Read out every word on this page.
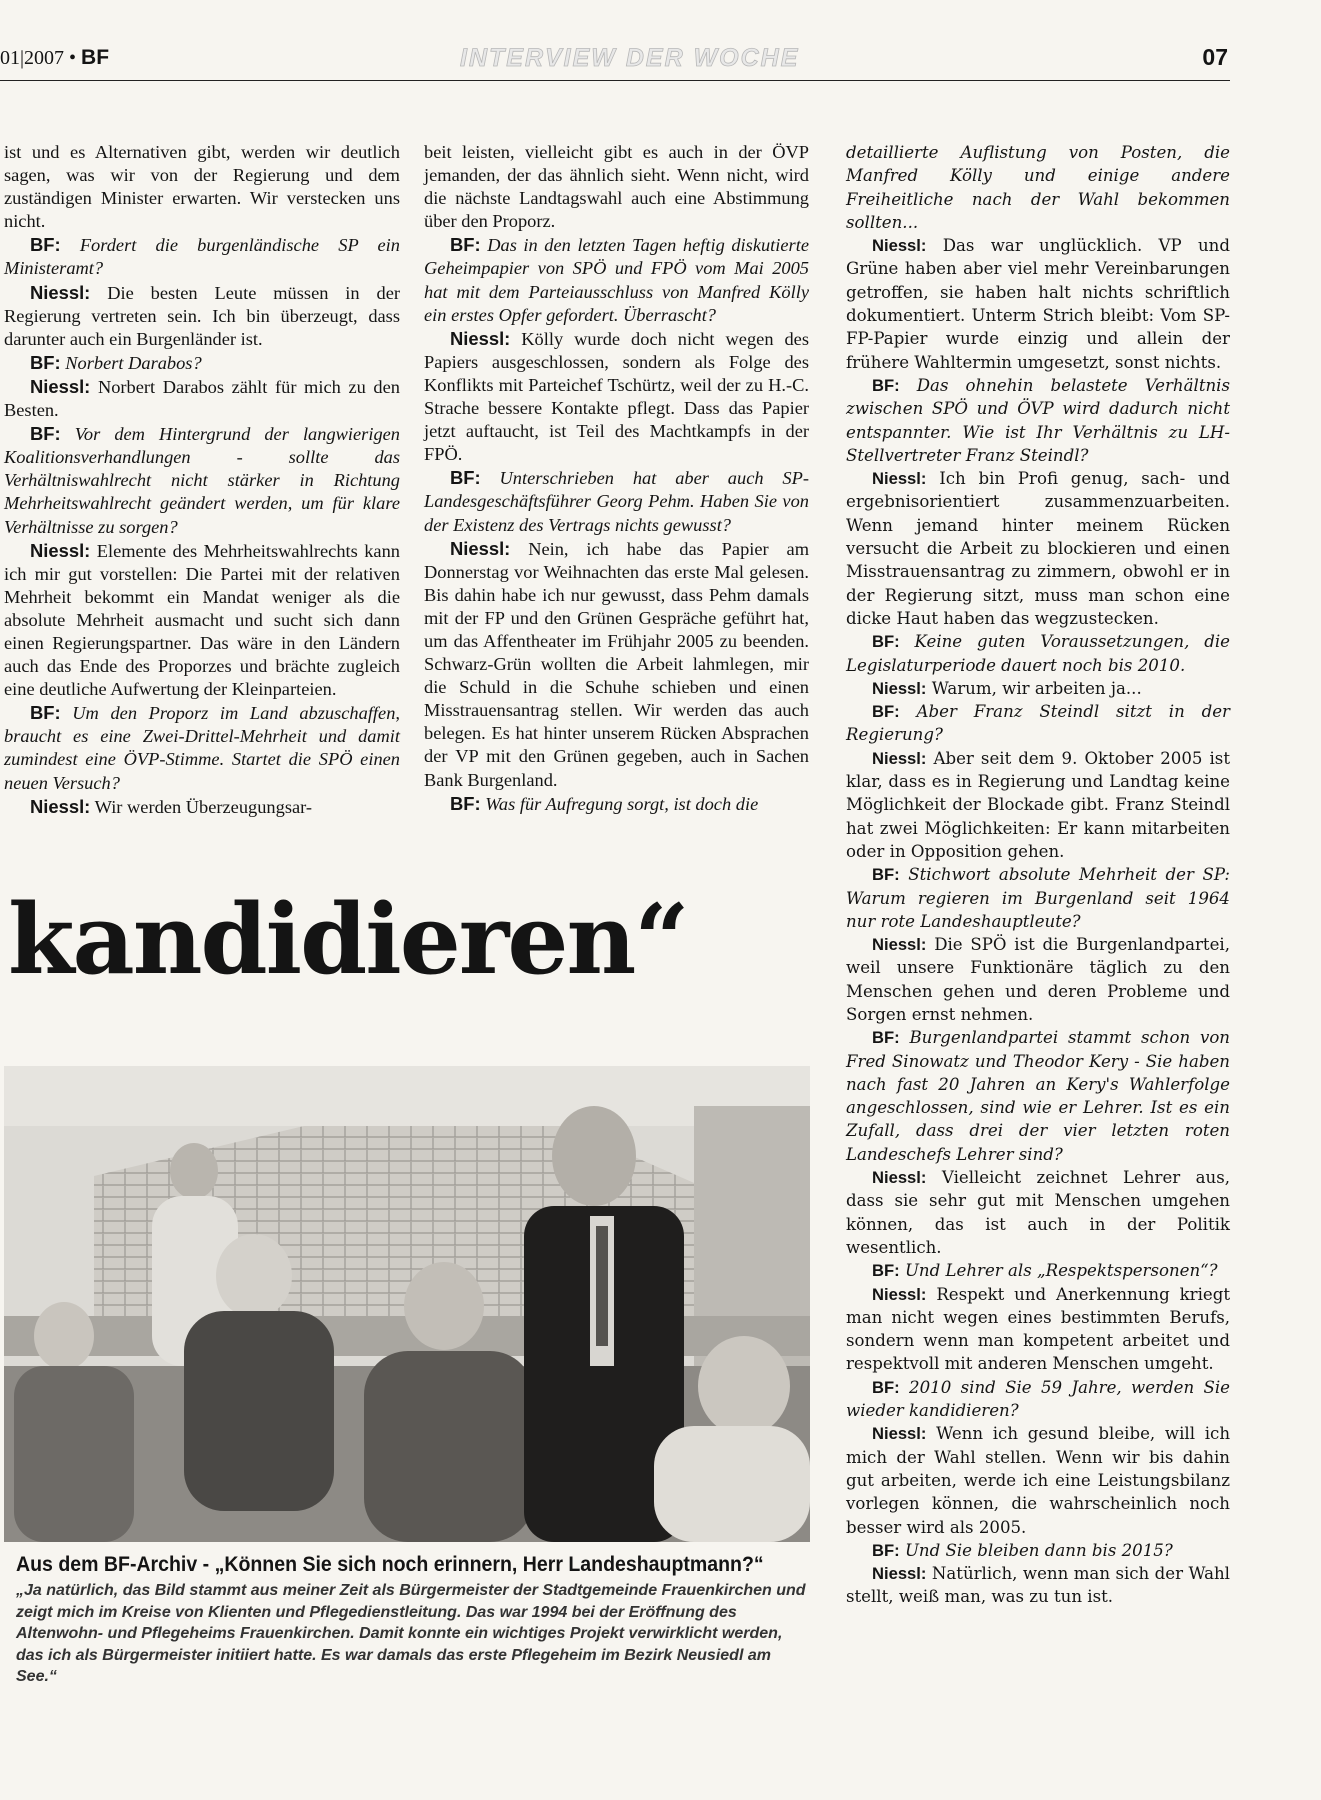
01|2007 • BF	INTERVIEW DER WOCHE	07

ist und es Alternativen gibt, werden wir deutlich sagen, was wir von der Regierung und dem zuständigen Minister erwarten. Wir verstecken uns nicht.

BF: Fordert die burgenländische SP ein Ministeramt?

Niessl: Die besten Leute müssen in der Regierung vertreten sein. Ich bin überzeugt, dass darunter auch ein Burgenländer ist.

BF: Norbert Darabos?

Niessl: Norbert Darabos zählt für mich zu den Besten.

BF: Vor dem Hintergrund der langwierigen Koalitionsverhandlungen - sollte das Verhältniswahlrecht nicht stärker in Richtung Mehrheitswahlrecht geändert werden, um für klare Verhältnisse zu sorgen?

Niessl: Elemente des Mehrheitswahlrechts kann ich mir gut vorstellen: Die Partei mit der relativen Mehrheit bekommt ein Mandat weniger als die absolute Mehrheit ausmacht und sucht sich dann einen Regierungspartner. Das wäre in den Ländern auch das Ende des Proporzes und brächte zugleich eine deutliche Aufwertung der Kleinparteien.

BF: Um den Proporz im Land abzuschaffen, braucht es eine Zwei-Drittel-Mehrheit und damit zumindest eine ÖVP-Stimme. Startet die SPÖ einen neuen Versuch?

Niessl: Wir werden Überzeugungsar-

beit leisten, vielleicht gibt es auch in der ÖVP jemanden, der das ähnlich sieht. Wenn nicht, wird die nächste Landtagswahl auch eine Abstimmung über den Proporz.

BF: Das in den letzten Tagen heftig diskutierte Geheimpapier von SPÖ und FPÖ vom Mai 2005 hat mit dem Parteiausschluss von Manfred Kölly ein erstes Opfer gefordert. Überrascht?

Niessl: Kölly wurde doch nicht wegen des Papiers ausgeschlossen, sondern als Folge des Konflikts mit Parteichef Tschürtz, weil der zu H.-C. Strache bessere Kontakte pflegt. Dass das Papier jetzt auftaucht, ist Teil des Machtkampfs in der FPÖ.

BF: Unterschrieben hat aber auch SP-Landesgeschäftsführer Georg Pehm. Haben Sie von der Existenz des Vertrags nichts gewusst?

Niessl: Nein, ich habe das Papier am Donnerstag vor Weihnachten das erste Mal gelesen. Bis dahin habe ich nur gewusst, dass Pehm damals mit der FP und den Grünen Gespräche geführt hat, um das Affentheater im Frühjahr 2005 zu beenden. Schwarz-Grün wollten die Arbeit lahmlegen, mir die Schuld in die Schuhe schieben und einen Misstrauensantrag stellen. Wir werden das auch belegen. Es hat hinter unserem Rücken Absprachen der VP mit den Grünen gegeben, auch in Sachen Bank Burgenland.

BF: Was für Aufregung sorgt, ist doch die

detaillierte Auflistung von Posten, die Manfred Kölly und einige andere Freiheitliche nach der Wahl bekommen sollten...

Niessl: Das war unglücklich. VP und Grüne haben aber viel mehr Vereinbarungen getroffen, sie haben halt nichts schriftlich dokumentiert. Unterm Strich bleibt: Vom SP-FP-Papier wurde einzig und allein der frühere Wahltermin umgesetzt, sonst nichts.

BF: Das ohnehin belastete Verhältnis zwischen SPÖ und ÖVP wird dadurch nicht entspannter. Wie ist Ihr Verhältnis zu LH-Stellvertreter Franz Steindl?

Niessl: Ich bin Profi genug, sach- und ergebnisorientiert zusammenzuarbeiten. Wenn jemand hinter meinem Rücken versucht die Arbeit zu blockieren und einen Misstrauensantrag zu zimmern, obwohl er in der Regierung sitzt, muss man schon eine dicke Haut haben das wegzustecken.

BF: Keine guten Voraussetzungen, die Legislaturperiode dauert noch bis 2010.

Niessl: Warum, wir arbeiten ja...

BF: Aber Franz Steindl sitzt in der Regierung?

Niessl: Aber seit dem 9. Oktober 2005 ist klar, dass es in Regierung und Landtag keine Möglichkeit der Blockade gibt. Franz Steindl hat zwei Möglichkeiten: Er kann mitarbeiten oder in Opposition gehen.

BF: Stichwort absolute Mehrheit der SP: Warum regieren im Burgenland seit 1964 nur rote Landeshauptleute?

Niessl: Die SPÖ ist die Burgenlandpartei, weil unsere Funktionäre täglich zu den Menschen gehen und deren Probleme und Sorgen ernst nehmen.

BF: Burgenlandpartei stammt schon von Fred Sinowatz und Theodor Kery - Sie haben nach fast 20 Jahren an Kery's Wahlerfolge angeschlossen, sind wie er Lehrer. Ist es ein Zufall, dass drei der vier letzten roten Landeschefs Lehrer sind?

Niessl: Vielleicht zeichnet Lehrer aus, dass sie sehr gut mit Menschen umgehen können, das ist auch in der Politik wesentlich.

BF: Und Lehrer als „Respektspersonen“?

Niessl: Respekt und Anerkennung kriegt man nicht wegen eines bestimmten Berufs, sondern wenn man kompetent arbeitet und respektvoll mit anderen Menschen umgeht.

BF: 2010 sind Sie 59 Jahre, werden Sie wieder kandidieren?

Niessl: Wenn ich gesund bleibe, will ich mich der Wahl stellen. Wenn wir bis dahin gut arbeiten, werde ich eine Leistungsbilanz vorlegen können, die wahrscheinlich noch besser wird als 2005.

BF: Und Sie bleiben dann bis 2015?

Niessl: Natürlich, wenn man sich der Wahl stellt, weiß man, was zu tun ist.

kandidieren“
Aus dem BF-Archiv - „Können Sie sich noch erinnern, Herr Landeshauptmann?“
„Ja natürlich, das Bild stammt aus meiner Zeit als Bürgermeister der Stadtgemeinde Frauenkirchen und zeigt mich im Kreise von Klienten und Pflegedienstleitung. Das war 1994 bei der Eröffnung des Altenwohn- und Pflegeheims Frauenkirchen. Damit konnte ein wichtiges Projekt verwirklicht werden, das ich als Bürgermeister initiiert hatte. Es war damals das erste Pflegeheim im Bezirk Neusiedl am See.“
